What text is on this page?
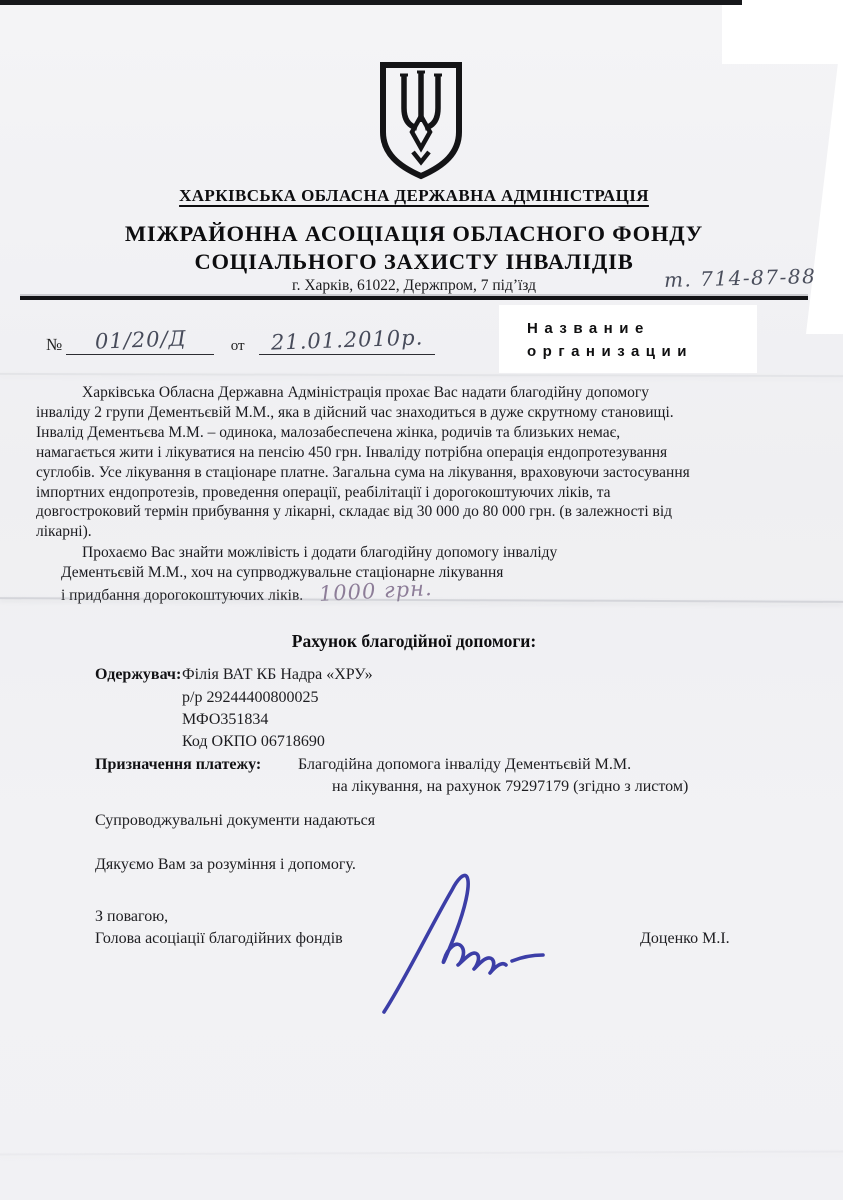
ХАРКІВСЬКА ОБЛАСНА ДЕРЖАВНА АДМІНІСТРАЦІЯ
МІЖРАЙОННА АСОЦІАЦІЯ ОБЛАСНОГО ФОНДУ
СОЦІАЛЬНОГО ЗАХИСТУ ІНВАЛІДІВ
г. Харків, 61022, Держпром, 7 під’їзд	т. 714-87-88
№ 01/20/Д	от 21.01.2010р.	Название
организации
Харківська Обласна Державна Адміністрація прохає Вас надати благодійну допомогу
інваліду 2 групи Дементьєвій М.М., яка в дійсний час знаходиться в дуже скрутному становищі.
Інвалід Дементьєва М.М. – одинока, малозабеспечена жінка, родичів та близьких немає,
намагається жити і лікуватися на пенсію 450 грн. Інваліду потрібна операція ендопротезування
суглобів. Усе лікування в стаціонаре платне. Загальна сума на лікування, враховуючи застосування
імпортних ендопротезів, проведення операції, реабілітації і дорогокоштуючих ліків, та
довгостроковий термін прибування у лікарні, складає від 30 000 до 80 000 грн. (в залежності від
лікарні).
Прохаємо Вас знайти можлівість і додати благодійну допомогу інваліду
Дементьєвій М.М., хоч на супрводжувальне стаціонарне лікування
і придбання дорогокоштуючих ліків. 1000 грн.
Рахунок благодійної допомоги:
Одержувач: Філія ВАТ КБ Надра «ХРУ»
р/р 29244400800025
МФО351834
Код ОКПО 06718690
Призначення платежу: Благодійна допомога інваліду Дементьєвій М.М.
на лікування, на рахунок 79297179 (згідно з листом)
Супроводжувальні документи надаються
Дякуємо Вам за розуміння і допомогу.
З повагою,
Голова асоціації благодійних фондів	Доценко М.І.
